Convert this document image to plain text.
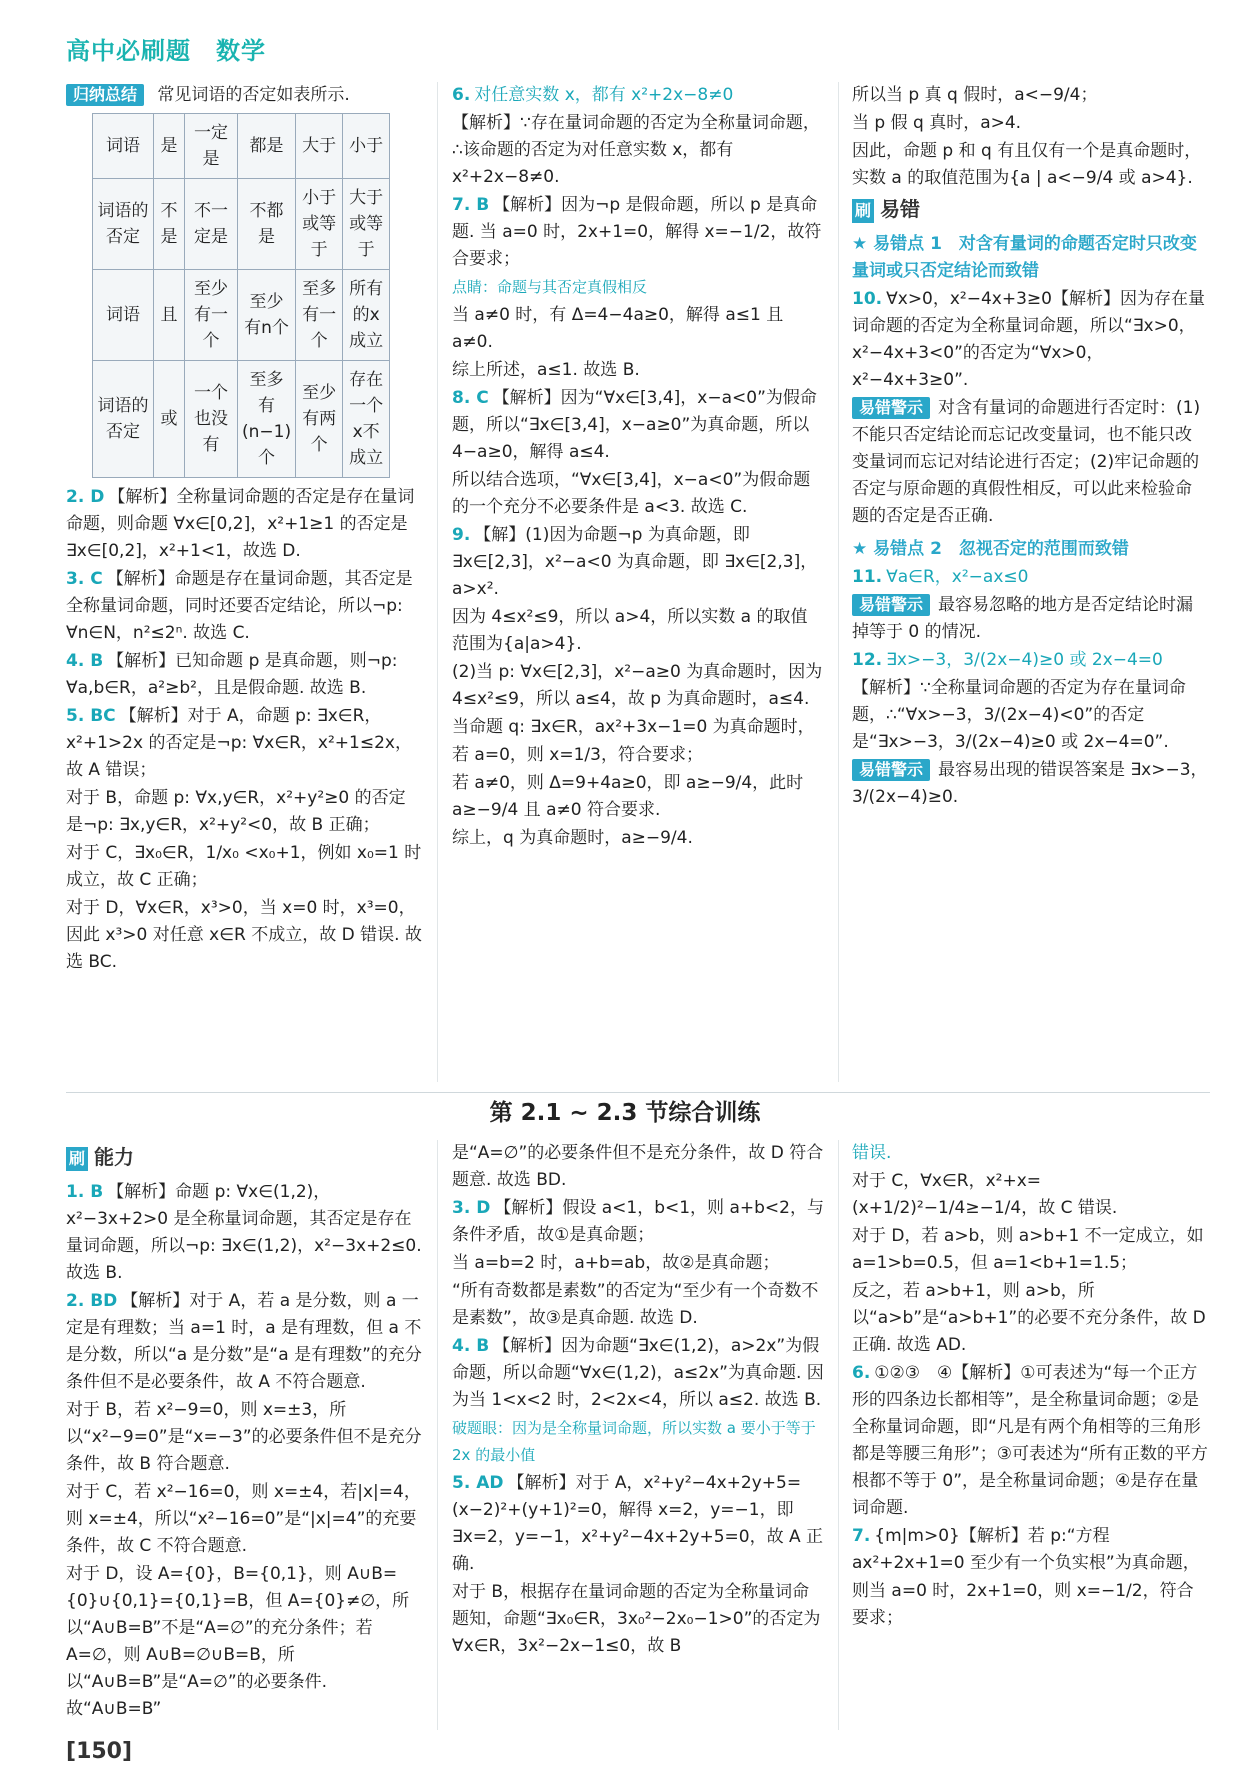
高中必刷题　数学

归纳总结 常见词语的否定如表所示.

词语	是	一定是	都是	大于	小于
词语的否定	不是	不一定是	不都是	小于或等于	大于或等于
词语	且	至少有一个	至少有n个	至多有一个	所有的x成立
词语的否定	或	一个也没有	至多有(n−1)个	至少有两个	存在一个x不成立

2. D 【解析】全称量词命题的否定是存在量词命题，则命题 ∀x∈[0,2]，x²+1≥1 的否定是 ∃x∈[0,2]，x²+1<1，故选 D.

3. C 【解析】命题是存在量词命题，其否定是全称量词命题，同时还要否定结论，所以¬p: ∀n∈N，n²≤2ⁿ. 故选 C.

4. B 【解析】已知命题 p 是真命题，则¬p: ∀a,b∈R，a²≥b²，且是假命题. 故选 B.

5. BC 【解析】对于 A，命题 p: ∃x∈R，x²+1>2x 的否定是¬p: ∀x∈R，x²+1≤2x，故 A 错误；

对于 B，命题 p: ∀x,y∈R，x²+y²≥0 的否定是¬p: ∃x,y∈R，x²+y²<0，故 B 正确；

对于 C，∃x₀∈R，1/x₀ <x₀+1，例如 x₀=1 时成立，故 C 正确；

对于 D，∀x∈R，x³>0，当 x=0 时，x³=0，因此 x³>0 对任意 x∈R 不成立，故 D 错误. 故选 BC.

6. 对任意实数 x，都有 x²+2x−8≠0

【解析】∵存在量词命题的否定为全称量词命题，∴该命题的否定为对任意实数 x，都有 x²+2x−8≠0.

7. B 【解析】因为¬p 是假命题，所以 p 是真命题. 当 a=0 时，2x+1=0，解得 x=−1/2，故符合要求；

点睛：命题与其否定真假相反

当 a≠0 时，有 Δ=4−4a≥0，解得 a≤1 且 a≠0.

综上所述，a≤1. 故选 B.

8. C 【解析】因为“∀x∈[3,4]，x−a<0”为假命题，所以“∃x∈[3,4]，x−a≥0”为真命题，所以 4−a≥0，解得 a≤4.

所以结合选项，“∀x∈[3,4]，x−a<0”为假命题的一个充分不必要条件是 a<3. 故选 C.

9. 【解】(1)因为命题¬p 为真命题，即 ∃x∈[2,3]，x²−a<0 为真命题，即 ∃x∈[2,3]，a>x².

因为 4≤x²≤9，所以 a>4，所以实数 a 的取值范围为{a|a>4}.

(2)当 p: ∀x∈[2,3]，x²−a≥0 为真命题时，因为 4≤x²≤9，所以 a≤4，故 p 为真命题时，a≤4.

当命题 q: ∃x∈R，ax²+3x−1=0 为真命题时，

若 a=0，则 x=1/3，符合要求；

若 a≠0，则 Δ=9+4a≥0，即 a≥−9/4，此时 a≥−9/4 且 a≠0 符合要求.

综上，q 为真命题时，a≥−9/4.

所以当 p 真 q 假时，a<−9/4；

当 p 假 q 真时，a>4.

因此，命题 p 和 q 有且仅有一个是真命题时，实数 a 的取值范围为{a | a<−9/4 或 a>4}.

刷 易错

★ 易错点 1　对含有量词的命题否定时只改变量词或只否定结论而致错

10. ∀x>0，x²−4x+3≥0【解析】因为存在量词命题的否定为全称量词命题，所以“∃x>0，x²−4x+3<0”的否定为“∀x>0，x²−4x+3≥0”.

易错警示 对含有量词的命题进行否定时：(1)不能只否定结论而忘记改变量词，也不能只改变量词而忘记对结论进行否定；(2)牢记命题的否定与原命题的真假性相反，可以此来检验命题的否定是否正确.

★ 易错点 2　忽视否定的范围而致错

11. ∀a∈R，x²−ax≤0

易错警示 最容易忽略的地方是否定结论时漏掉等于 0 的情况.

12. ∃x>−3，3/(2x−4)≥0 或 2x−4=0

【解析】∵全称量词命题的否定为存在量词命题，∴“∀x>−3，3/(2x−4)<0”的否定是“∃x>−3，3/(2x−4)≥0 或 2x−4=0”.

易错警示 最容易出现的错误答案是 ∃x>−3，3/(2x−4)≥0.

第 2.1 ~ 2.3 节综合训练

刷 能力

1. B 【解析】命题 p: ∀x∈(1,2)，x²−3x+2>0 是全称量词命题，其否定是存在量词命题，所以¬p: ∃x∈(1,2)，x²−3x+2≤0. 故选 B.

2. BD 【解析】对于 A，若 a 是分数，则 a 一定是有理数；当 a=1 时，a 是有理数，但 a 不是分数，所以“a 是分数”是“a 是有理数”的充分条件但不是必要条件，故 A 不符合题意.

对于 B，若 x²−9=0，则 x=±3，所以“x²−9=0”是“x=−3”的必要条件但不是充分条件，故 B 符合题意.

对于 C，若 x²−16=0，则 x=±4，若|x|=4，则 x=±4，所以“x²−16=0”是“|x|=4”的充要条件，故 C 不符合题意.

对于 D，设 A={0}，B={0,1}，则 A∪B={0}∪{0,1}={0,1}=B，但 A={0}≠∅，所以“A∪B=B”不是“A=∅”的充分条件；若 A=∅，则 A∪B=∅∪B=B，所以“A∪B=B”是“A=∅”的必要条件. 故“A∪B=B”

是“A=∅”的必要条件但不是充分条件，故 D 符合题意. 故选 BD.

3. D 【解析】假设 a<1，b<1，则 a+b<2，与条件矛盾，故①是真命题；

当 a=b=2 时，a+b=ab，故②是真命题；

“所有奇数都是素数”的否定为“至少有一个奇数不是素数”，故③是真命题. 故选 D.

4. B 【解析】因为命题“∃x∈(1,2)，a>2x”为假命题，所以命题“∀x∈(1,2)，a≤2x”为真命题. 因为当 1<x<2 时，2<2x<4，所以 a≤2. 故选 B.

破题眼：因为是全称量词命题，所以实数 a 要小于等于 2x 的最小值

5. AD 【解析】对于 A，x²+y²−4x+2y+5=(x−2)²+(y+1)²=0，解得 x=2，y=−1，即 ∃x=2，y=−1，x²+y²−4x+2y+5=0，故 A 正确.

对于 B，根据存在量词命题的否定为全称量词命题知，命题“∃x₀∈R，3x₀²−2x₀−1>0”的否定为 ∀x∈R，3x²−2x−1≤0，故 B

错误.

对于 C，∀x∈R，x²+x=(x+1/2)²−1/4≥−1/4，故 C 错误.

对于 D，若 a>b，则 a>b+1 不一定成立，如 a=1>b=0.5，但 a=1<b+1=1.5；

反之，若 a>b+1，则 a>b，所以“a>b”是“a>b+1”的必要不充分条件，故 D 正确. 故选 AD.

6. ①②③　④【解析】①可表述为“每一个正方形的四条边长都相等”，是全称量词命题；②是全称量词命题，即“凡是有两个角相等的三角形都是等腰三角形”；③可表述为“所有正数的平方根都不等于 0”，是全称量词命题；④是存在量词命题.

7. {m|m>0}【解析】若 p:“方程 ax²+2x+1=0 至少有一个负实根”为真命题，

则当 a=0 时，2x+1=0，则 x=−1/2，符合要求；

[150]
